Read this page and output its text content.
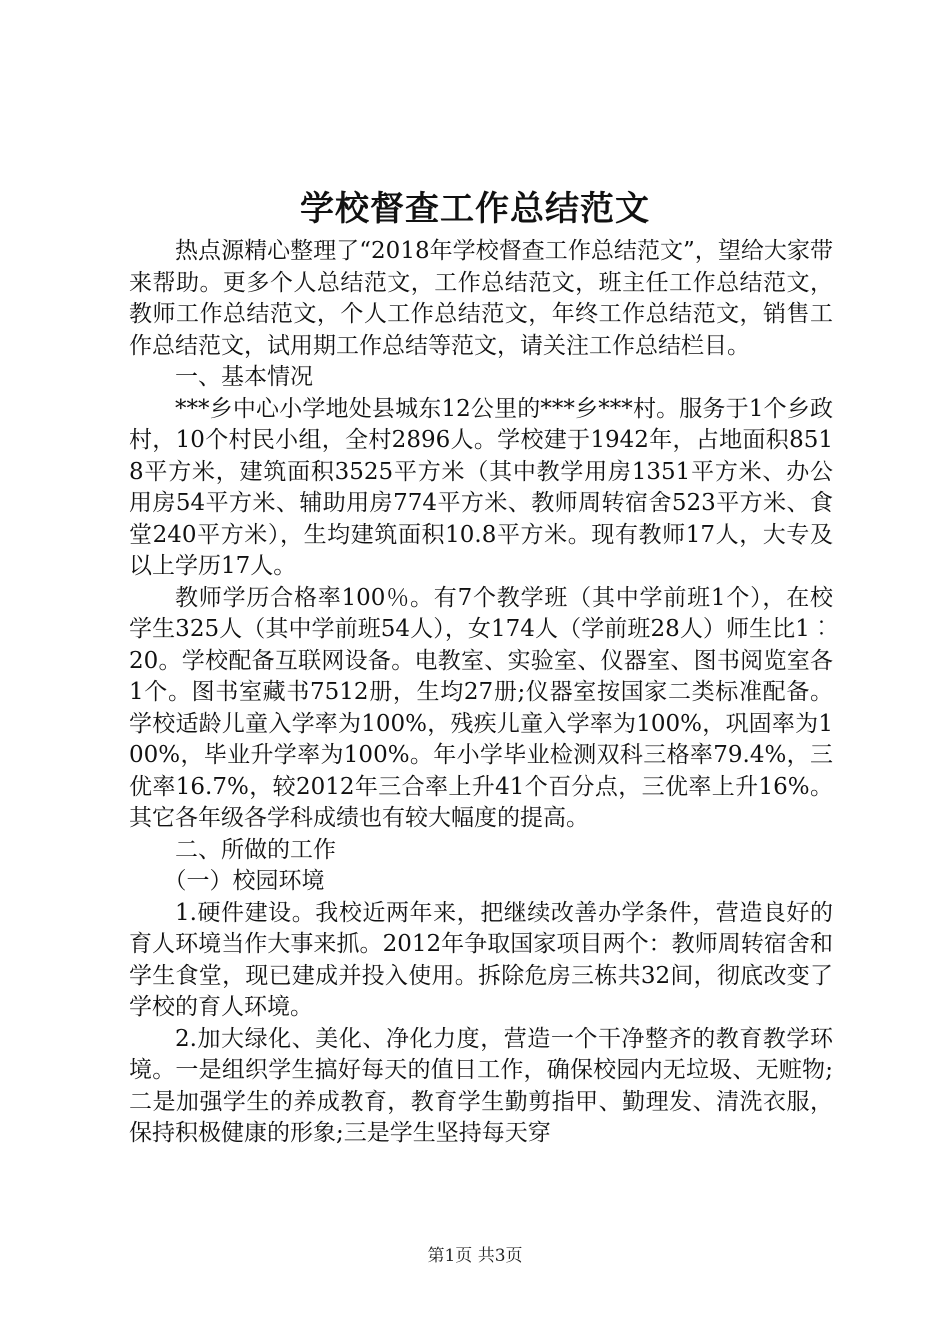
学校督查工作总结范文

热点源精心整理了“2018年学校督查工作总结范文”，望给大家带来帮助。更多个人总结范文，工作总结范文，班主任工作总结范文，教师工作总结范文，个人工作总结范文，年终工作总结范文，销售工作总结范文，试用期工作总结等范文，请关注工作总结栏目。

一、基本情况

***乡中心小学地处县城东12公里的***乡***村。服务于1个乡政村，10个村民小组，全村2896人。学校建于1942年，占地面积8518平方米，建筑面积3525平方米（其中教学用房1351平方米、办公用房54平方米、辅助用房774平方米、教师周转宿舍523平方米、食堂240平方米），生均建筑面积10.8平方米。现有教师17人，大专及以上学历17人。

教师学历合格率100％。有7个教学班（其中学前班1个），在校学生325人（其中学前班54人），女174人（学前班28人）师生比1︰20。学校配备互联网设备。电教室、实验室、仪器室、图书阅览室各1个。图书室藏书7512册，生均27册;仪器室按国家二类标准配备。学校适龄儿童入学率为100%，残疾儿童入学率为100%，巩固率为100%，毕业升学率为100%。年小学毕业检测双科三格率79.4%，三优率16.7%，较2012年三合率上升41个百分点，三优率上升16%。其它各年级各学科成绩也有较大幅度的提高。

二、所做的工作

（一）校园环境

1.硬件建设。我校近两年来，把继续改善办学条件，营造良好的育人环境当作大事来抓。2012年争取国家项目两个：教师周转宿舍和学生食堂，现已建成并投入使用。拆除危房三栋共32间，彻底改变了学校的育人环境。

2.加大绿化、美化、净化力度，营造一个干净整齐的教育教学环境。一是组织学生搞好每天的值日工作，确保校园内无垃圾、无赃物;二是加强学生的养成教育，教育学生勤剪指甲、勤理发、清洗衣服，保持积极健康的形象;三是学生坚持每天穿

第1页 共3页
